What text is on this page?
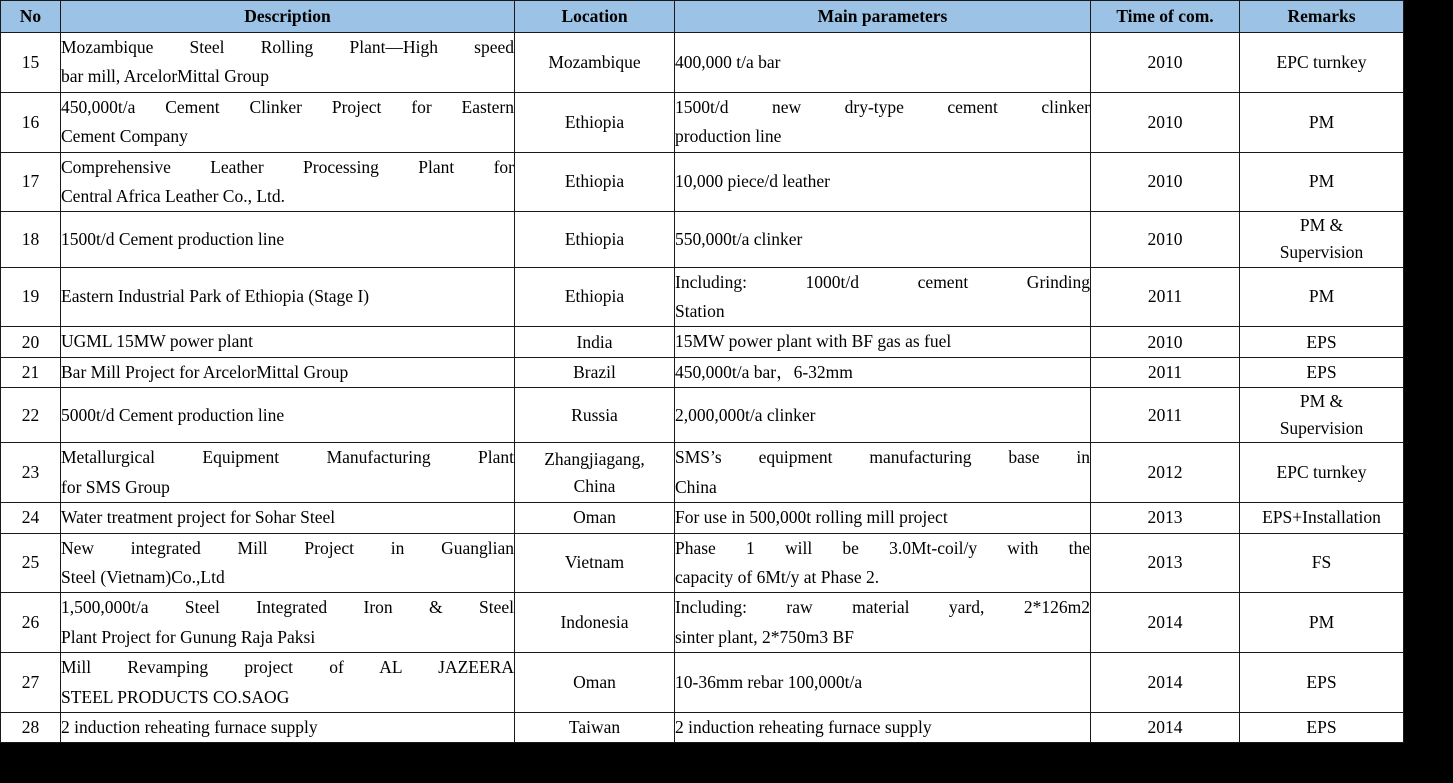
No	Description	Location	Main parameters	Time of com.	Remarks
15	Mozambique Steel Rolling Plant—High speed
bar mill, ArcelorMittal Group	Mozambique	400,000 t/a bar	2010	EPC turnkey

16	450,000t/a Cement Clinker Project for Eastern
Cement Company	Ethiopia	1500t/d new dry-type cement clinker
production line	2010	PM

17	Comprehensive Leather Processing Plant for
Central Africa Leather Co., Ltd.	Ethiopia	10,000 piece/d leather	2010	PM

18	1500t/d Cement production line	Ethiopia	550,000t/a clinker	2010	PM &
Supervision

19	Eastern Industrial Park of Ethiopia (Stage I)	Ethiopia	Including: 1000t/d cement Grinding
Station	2011	PM

20	UGML 15MW power plant	India	15MW power plant with BF gas as fuel	2010	EPS

21	Bar Mill Project for ArcelorMittal Group	Brazil	450,000t/a bar，6-32mm	2011	EPS

22	5000t/d Cement production line	Russia	2,000,000t/a clinker	2011	PM &
Supervision

23	Metallurgical Equipment Manufacturing Plant
for SMS Group	Zhangjiagang,
China	SMS’s equipment manufacturing base in
China	2012	EPC turnkey

24	Water treatment project for Sohar Steel	Oman	For use in 500,000t rolling mill project	2013	EPS+Installation

25	New integrated Mill Project in Guanglian
Steel (Vietnam)Co.,Ltd	Vietnam	Phase 1 will be 3.0Mt-coil/y with the
capacity of 6Mt/y at Phase 2.	2013	FS

26	1,500,000t/a Steel Integrated Iron & Steel
Plant Project for Gunung Raja Paksi	Indonesia	Including: raw material yard, 2*126m2
sinter plant, 2*750m3 BF	2014	PM

27	Mill Revamping project of AL JAZEERA
STEEL PRODUCTS CO.SAOG	Oman	10-36mm rebar 100,000t/a	2014	EPS

28	2 induction reheating furnace supply	Taiwan	2 induction reheating furnace supply	2014	EPS
